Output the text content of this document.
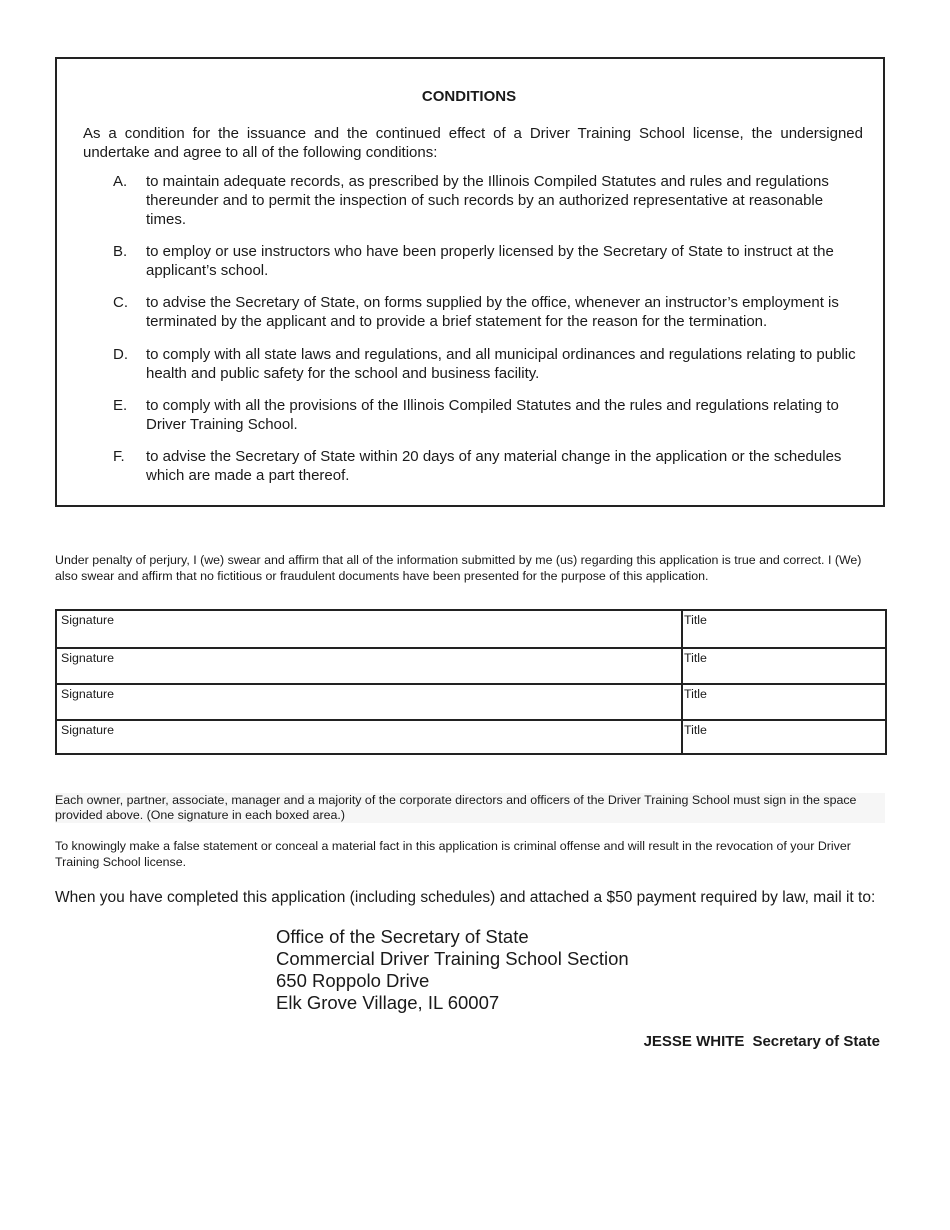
CONDITIONS
As a condition for the issuance and the continued effect of a Driver Training School license, the undersigned undertake and agree to all of the following conditions:
A. to maintain adequate records, as prescribed by the Illinois Compiled Statutes and rules and regulations thereunder and to permit the inspection of such records by an authorized representative at reasonable times.
B. to employ or use instructors who have been properly licensed by the Secretary of State to instruct at the applicant’s school.
C. to advise the Secretary of State, on forms supplied by the office, whenever an instructor’s employment is terminated by the applicant and to provide a brief statement for the reason for the termination.
D. to comply with all state laws and regulations, and all municipal ordinances and regulations relating to public health and public safety for the school and business facility.
E. to comply with all the provisions of the Illinois Compiled Statutes and the rules and regulations relating to Driver Training School.
F. to advise the Secretary of State within 20 days of any material change in the application or the schedules which are made a part thereof.
Under penalty of perjury, I (we) swear and affirm that all of the information submitted by me (us) regarding this application is true and correct. I (We) also swear and affirm that no fictitious or fraudulent documents have been presented for the purpose of this application.
Signature	Title
Signature	Title
Signature	Title
Signature	Title
Each owner, partner, associate, manager and a majority of the corporate directors and officers of the Driver Training School must sign in the space provided above. (One signature in each boxed area.)
To knowingly make a false statement or conceal a material fact in this application is criminal offense and will result in the revocation of your Driver Training School license.
When you have completed this application (including schedules) and attached a $50 payment required by law, mail it to:
Office of the Secretary of State
Commercial Driver Training School Section
650 Roppolo Drive
Elk Grove Village, IL 60007
JESSE WHITE Secretary of State
